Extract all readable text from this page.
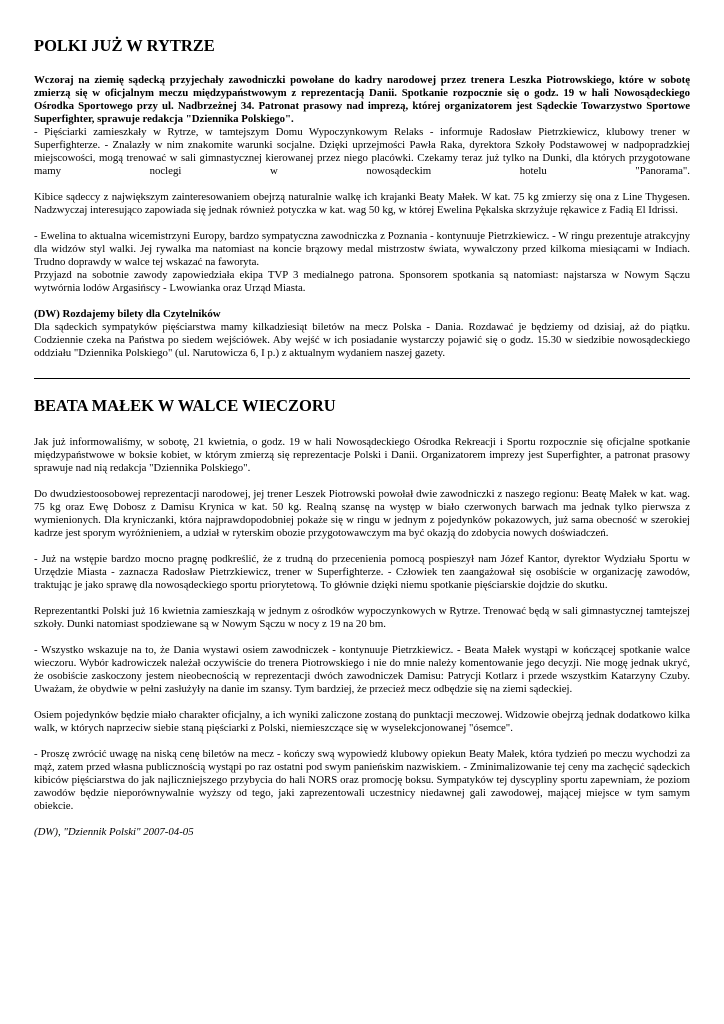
POLKI JUŻ W RYTRZE

Wczoraj na ziemię sądecką przyjechały zawodniczki powołane do kadry narodowej przez trenera Leszka Piotrowskiego, które w sobotę zmierzą się w oficjalnym meczu międzypaństwowym z reprezentacją Danii. Spotkanie rozpocznie się o godz. 19 w hali Nowosądeckiego Ośrodka Sportowego przy ul. Nadbrzeżnej 34. Patronat prasowy nad imprezą, której organizatorem jest Sądeckie Towarzystwo Sportowe Superfighter, sprawuje redakcja "Dziennika Polskiego".

- Pięściarki zamieszkały w Rytrze, w tamtejszym Domu Wypoczynkowym Relaks - informuje Radosław Pietrzkiewicz, klubowy trener w Superfighterze. - Znalazły w nim znakomite warunki socjalne. Dzięki uprzejmości Pawła Raka, dyrektora Szkoły Podstawowej w nadpopradzkiej miejscowości, mogą trenować w sali gimnastycznej kierowanej przez niego placówki. Czekamy teraz już tylko na Dunki, dla których przygotowane mamy noclegi w nowosądeckim hotelu "Panorama".

Kibice sądeccy z największym zainteresowaniem obejrzą naturalnie walkę ich krajanki Beaty Małek. W kat. 75 kg zmierzy się ona z Line Thygesen. Nadzwyczaj interesująco zapowiada się jednak również potyczka w kat. wag 50 kg, w której Ewelina Pękalska skrzyżuje rękawice z Fadią El Idrissi.

- Ewelina to aktualna wicemistrzyni Europy, bardzo sympatyczna zawodniczka z Poznania - kontynuuje Pietrzkiewicz. - W ringu prezentuje atrakcyjny dla widzów styl walki. Jej rywalka ma natomiast na koncie brązowy medal mistrzostw świata, wywalczony przed kilkoma miesiącami w Indiach. Trudno doprawdy w walce tej wskazać na faworyta.

Przyjazd na sobotnie zawody zapowiedziała ekipa TVP 3 medialnego patrona. Sponsorem spotkania są natomiast: najstarsza w Nowym Sączu wytwórnia lodów Argasińscy - Lwowianka oraz Urząd Miasta.

(DW) Rozdajemy bilety dla Czytelników

Dla sądeckich sympatyków pięściarstwa mamy kilkadziesiąt biletów na mecz Polska - Dania. Rozdawać je będziemy od dzisiaj, aż do piątku. Codziennie czeka na Państwa po siedem wejściówek. Aby wejść w ich posiadanie wystarczy pojawić się o godz. 15.30 w siedzibie nowosądeckiego oddziału "Dziennika Polskiego" (ul. Narutowicza 6, I p.) z aktualnym wydaniem naszej gazety.

BEATA MAŁEK W WALCE WIECZORU

Jak już informowaliśmy, w sobotę, 21 kwietnia, o godz. 19 w hali Nowosądeckiego Ośrodka Rekreacji i Sportu rozpocznie się oficjalne spotkanie międzypaństwowe w boksie kobiet, w którym zmierzą się reprezentacje Polski i Danii. Organizatorem imprezy jest Superfighter, a patronat prasowy sprawuje nad nią redakcja "Dziennika Polskiego".

Do dwudziestoosobowej reprezentacji narodowej, jej trener Leszek Piotrowski powołał dwie zawodniczki z naszego regionu: Beatę Małek w kat. wag. 75 kg oraz Ewę Dobosz z Damisu Krynica w kat. 50 kg. Realną szansę na występ w biało czerwonych barwach ma jednak tylko pierwsza z wymienionych. Dla kryniczanki, która najprawdopodobniej pokaże się w ringu w jednym z pojedynków pokazowych, już sama obecność w szerokiej kadrze jest sporym wyróżnieniem, a udział w ryterskim obozie przygotowawczym ma być okazją do zdobycia nowych doświadczeń.

- Już na wstępie bardzo mocno pragnę podkreślić, że z trudną do przecenienia pomocą pospieszył nam Józef Kantor, dyrektor Wydziału Sportu w Urzędzie Miasta - zaznacza Radosław Pietrzkiewicz, trener w Superfighterze. - Człowiek ten zaangażował się osobiście w organizację zawodów, traktując je jako sprawę dla nowosądeckiego sportu priorytetową. To głównie dzięki niemu spotkanie pięściarskie dojdzie do skutku.

Reprezentantki Polski już 16 kwietnia zamieszkają w jednym z ośrodków wypoczynkowych w Rytrze. Trenować będą w sali gimnastycznej tamtejszej szkoły. Dunki natomiast spodziewane są w Nowym Sączu w nocy z 19 na 20 bm.

- Wszystko wskazuje na to, że Dania wystawi osiem zawodniczek - kontynuuje Pietrzkiewicz. - Beata Małek wystąpi w kończącej spotkanie walce wieczoru. Wybór kadrowiczek należał oczywiście do trenera Piotrowskiego i nie do mnie należy komentowanie jego decyzji. Nie mogę jednak ukryć, że osobiście zaskoczony jestem nieobecnością w reprezentacji dwóch zawodniczek Damisu: Patrycji Kotlarz i przede wszystkim Katarzyny Czuby. Uważam, że obydwie w pełni zasłużyły na danie im szansy. Tym bardziej, że przecież mecz odbędzie się na ziemi sądeckiej.

Osiem pojedynków będzie miało charakter oficjalny, a ich wyniki zaliczone zostaną do punktacji meczowej. Widzowie obejrzą jednak dodatkowo kilka walk, w których naprzeciw siebie staną pięściarki z Polski, niemieszczące się w wyselekcjonowanej "ósemce".

- Proszę zwrócić uwagę na niską cenę biletów na mecz - kończy swą wypowiedź klubowy opiekun Beaty Małek, która tydzień po meczu wychodzi za mąż, zatem przed własna publicznością wystąpi po raz ostatni pod swym panieńskim nazwiskiem. - Zminimalizowanie tej ceny ma zachęcić sądeckich kibiców pięściarstwa do jak najliczniejszego przybycia do hali NORS oraz promocję boksu. Sympatyków tej dyscypliny sportu zapewniam, że poziom zawodów będzie nieporównywalnie wyższy od tego, jaki zaprezentowali uczestnicy niedawnej gali zawodowej, mającej miejsce w tym samym obiekcie.

(DW), "Dziennik Polski" 2007-04-05
